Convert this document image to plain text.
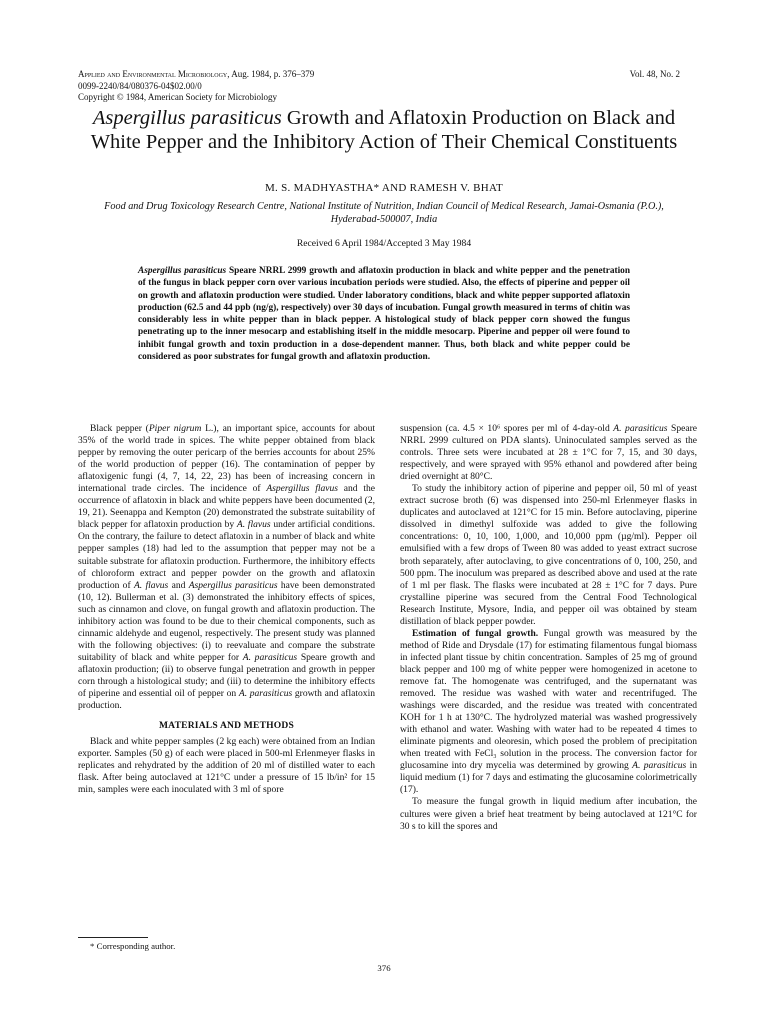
Applied and Environmental Microbiology, Aug. 1984, p. 376–379
0099-2240/84/080376-04$02.00/0
Copyright © 1984, American Society for Microbiology
Vol. 48, No. 2
Aspergillus parasiticus Growth and Aflatoxin Production on Black and White Pepper and the Inhibitory Action of Their Chemical Constituents
M. S. MADHYASTHA* AND RAMESH V. BHAT
Food and Drug Toxicology Research Centre, National Institute of Nutrition, Indian Council of Medical Research, Jamai-Osmania (P.O.), Hyderabad-500007, India
Received 6 April 1984/Accepted 3 May 1984
Aspergillus parasiticus Speare NRRL 2999 growth and aflatoxin production in black and white pepper and the penetration of the fungus in black pepper corn over various incubation periods were studied. Also, the effects of piperine and pepper oil on growth and aflatoxin production were studied. Under laboratory conditions, black and white pepper supported aflatoxin production (62.5 and 44 ppb (ng/g), respectively) over 30 days of incubation. Fungal growth measured in terms of chitin was considerably less in white pepper than in black pepper. A histological study of black pepper corn showed the fungus penetrating up to the inner mesocarp and establishing itself in the middle mesocarp. Piperine and pepper oil were found to inhibit fungal growth and toxin production in a dose-dependent manner. Thus, both black and white pepper could be considered as poor substrates for fungal growth and aflatoxin production.

Black pepper (Piper nigrum L.), an important spice, accounts for about 35% of the world trade in spices. The white pepper obtained from black pepper by removing the outer pericarp of the berries accounts for about 25% of the world production of pepper (16). The contamination of pepper by aflatoxigenic fungi (4, 7, 14, 22, 23) has been of increasing concern in international trade circles. The incidence of Aspergillus flavus and the occurrence of aflatoxin in black and white peppers have been documented (2, 19, 21). Seenappa and Kempton (20) demonstrated the substrate suitability of black pepper for aflatoxin production by A. flavus under artificial conditions. On the contrary, the failure to detect aflatoxin in a number of black and white pepper samples (18) had led to the assumption that pepper may not be a suitable substrate for aflatoxin production. Furthermore, the inhibitory effects of chloroform extract and pepper powder on the growth and aflatoxin production of A. flavus and Aspergillus parasiticus have been demonstrated (10, 12). Bullerman et al. (3) demonstrated the inhibitory effects of spices, such as cinnamon and clove, on fungal growth and aflatoxin production. The inhibitory action was found to be due to their chemical components, such as cinnamic aldehyde and eugenol, respectively. The present study was planned with the following objectives: (i) to reevaluate and compare the substrate suitability of black and white pepper for A. parasiticus Speare growth and aflatoxin production; (ii) to observe fungal penetration and growth in pepper corn through a histological study; and (iii) to determine the inhibitory effects of piperine and essential oil of pepper on A. parasiticus growth and aflatoxin production.

MATERIALS AND METHODS

Black and white pepper samples (2 kg each) were obtained from an Indian exporter. Samples (50 g) of each were placed in 500-ml Erlenmeyer flasks in replicates and rehydrated by the addition of 20 ml of distilled water to each flask. After being autoclaved at 121°C under a pressure of 15 lb/in² for 15 min, samples were each inoculated with 3 ml of spore

suspension (ca. 4.5 × 10⁶ spores per ml of 4-day-old A. parasiticus Speare NRRL 2999 cultured on PDA slants). Uninoculated samples served as the controls. Three sets were incubated at 28 ± 1°C for 7, 15, and 30 days, respectively, and were sprayed with 95% ethanol and powdered after being dried overnight at 80°C.

To study the inhibitory action of piperine and pepper oil, 50 ml of yeast extract sucrose broth (6) was dispensed into 250-ml Erlenmeyer flasks in duplicates and autoclaved at 121°C for 15 min. Before autoclaving, piperine dissolved in dimethyl sulfoxide was added to give the following concentrations: 0, 10, 100, 1,000, and 10,000 ppm (µg/ml). Pepper oil emulsified with a few drops of Tween 80 was added to yeast extract sucrose broth separately, after autoclaving, to give concentrations of 0, 100, 250, and 500 ppm. The inoculum was prepared as described above and used at the rate of 1 ml per flask. The flasks were incubated at 28 ± 1°C for 7 days. Pure crystalline piperine was secured from the Central Food Technological Research Institute, Mysore, India, and pepper oil was obtained by steam distillation of black pepper powder.

Estimation of fungal growth. Fungal growth was measured by the method of Ride and Drysdale (17) for estimating filamentous fungal biomass in infected plant tissue by chitin concentration. Samples of 25 mg of ground black pepper and 100 mg of white pepper were homogenized in acetone to remove fat. The homogenate was centrifuged, and the supernatant was removed. The residue was washed with water and recentrifuged. The washings were discarded, and the residue was treated with concentrated KOH for 1 h at 130°C. The hydrolyzed material was washed progressively with ethanol and water. Washing with water had to be repeated 4 times to eliminate pigments and oleoresin, which posed the problem of precipitation when treated with FeCl₃ solution in the process. The conversion factor for glucosamine into dry mycelia was determined by growing A. parasiticus in liquid medium (1) for 7 days and estimating the glucosamine colorimetrically (17).

To measure the fungal growth in liquid medium after incubation, the cultures were given a brief heat treatment by being autoclaved at 121°C for 30 s to kill the spores and

* Corresponding author.
376
